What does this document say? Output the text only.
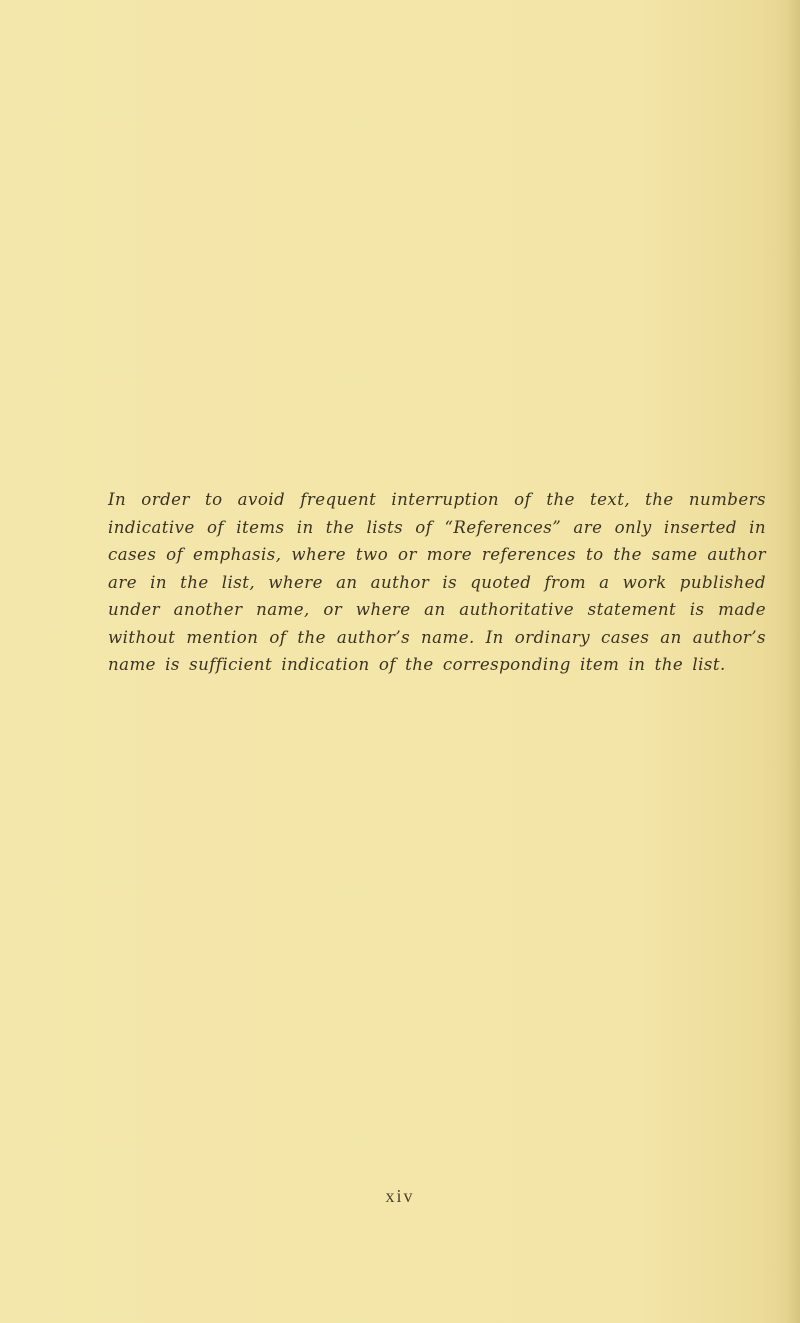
In order to avoid frequent interruption of the text, the numbers indicative of items in the lists of “References” are only inserted in cases of emphasis, where two or more references to the same author are in the list, where an author is quoted from a work published under another name, or where an authoritative statement is made without mention of the author’s name. In ordinary cases an author’s name is sufficient indication of the corresponding item in the list.

xiv
